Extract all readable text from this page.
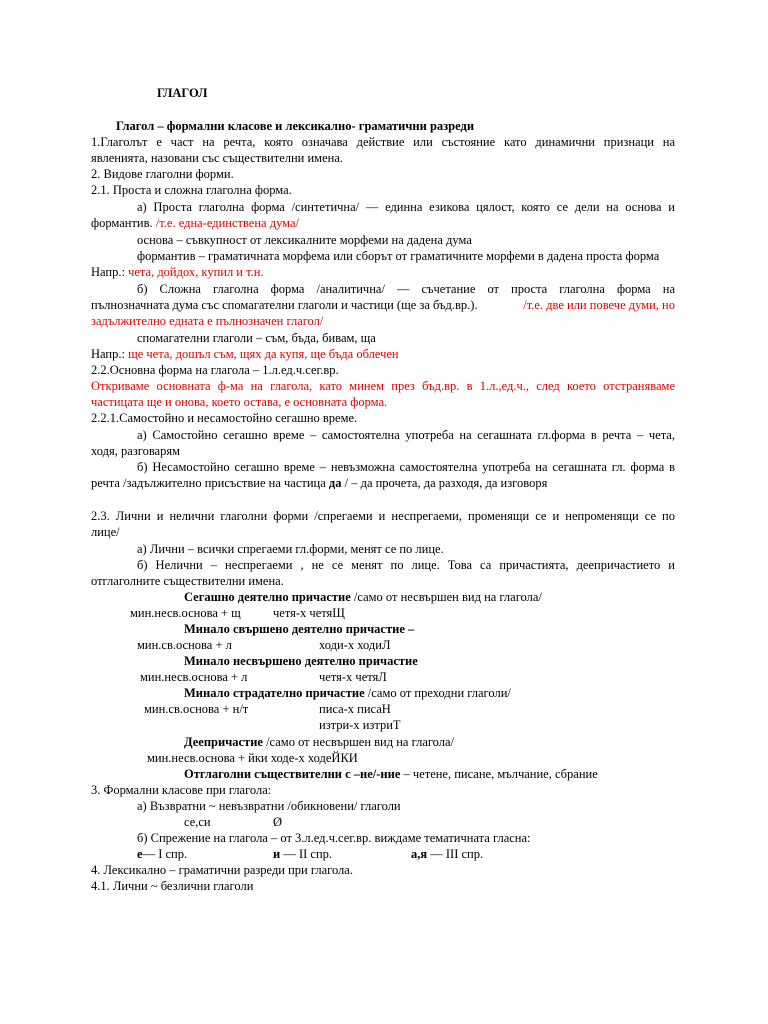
ГЛАГОЛ
Глагол – формални класове и лексикално- граматични разреди
1.Глаголът е част на речта, която означава действие или състояние като динамични признаци на
явленията, назовани със съществителни имена.
2. Видове глаголни форми.
2.1. Проста и сложна глаголна форма.
а) Проста глаголна форма /синтетична/ — единна езикова цялост, която се дели на основа и
формантив. /т.е. една-единствена дума/
основа – съвкупност от лексикалните морфеми на дадена дума
формантив – граматичната морфема или сборът от граматичните морфеми в дадена проста форма
Напр.: чета, дойдох, купил и т.н.
б) Сложна глаголна форма /аналитична/ — съчетание от проста глаголна форма на
пълнозначната дума със спомагателни глаголи и частици (ще за бъд.вр.).	/т.е. две или повече думи, но
задължително едната е пълнозначен глагол/
спомагателни глаголи – съм, бъда, бивам, ща
Напр.: ще чета, дошъл съм, щях да купя, ще бъда облечен
2.2.Основна форма на глагола – 1.л.ед.ч.сег.вр.
Откриваме основната ф-ма на глагола, като минем през бъд.вр. в 1.л.,ед.ч., след което отстраняваме
частицата ще и онова, което остава, е основната форма.
2.2.1.Самостойно и несамостойно сегашно време.
а) Самостойно сегашно време – самостоятелна употреба на сегашната гл.форма в речта – чета,
ходя, разговарям
б) Несамостойно сегашно време – невъзможна самостоятелна употреба на сегашната гл. форма в
речта /задължително присъствие на частица да / – да прочета, да разходя, да изговоря
2.3. Лични и нелични глаголни форми /спрегаеми и неспрегаеми, променящи се и непроменящи се по
лице/
а) Лични – всички спрегаеми гл.форми, менят се по лице.
б) Нелични – неспрегаеми , не се менят по лице. Това са причастията, деепричастието и
отглаголните съществителни имена.
Сегашно деятелно причастие /само от несвършен вид на глагола/
мин.несв.основа + щ	четя-х четяЩ
Минало свършено деятелно причастие –
мин.св.основа + л	ходи-х ходиЛ
Минало несвършено деятелно причастие
мин.несв.основа + л	четя-х четяЛ
Минало страдателно причастие /само от преходни глаголи/
мин.св.основа + н/т	писа-х писаН
изтри-х изтриТ
Деепричастие /само от несвършен вид на глагола/
мин.несв.основа + йки ходе-х ходеЙКИ
Отглаголни съществителни с –не/-ние – четене, писане, мълчание, сбрание
3. Формални класове при глагола:
а) Възвратни ~ невъзвратни /обикновени/ глаголи
се,си	Ø
б) Спрежение на глагола – от 3.л.ед.ч.сег.вр. виждаме тематичната гласна:
е— I спр.	и — II спр.	а,я — III спр.
4. Лексикално – граматични разреди при глагола.
4.1. Лични ~ безлични глаголи
